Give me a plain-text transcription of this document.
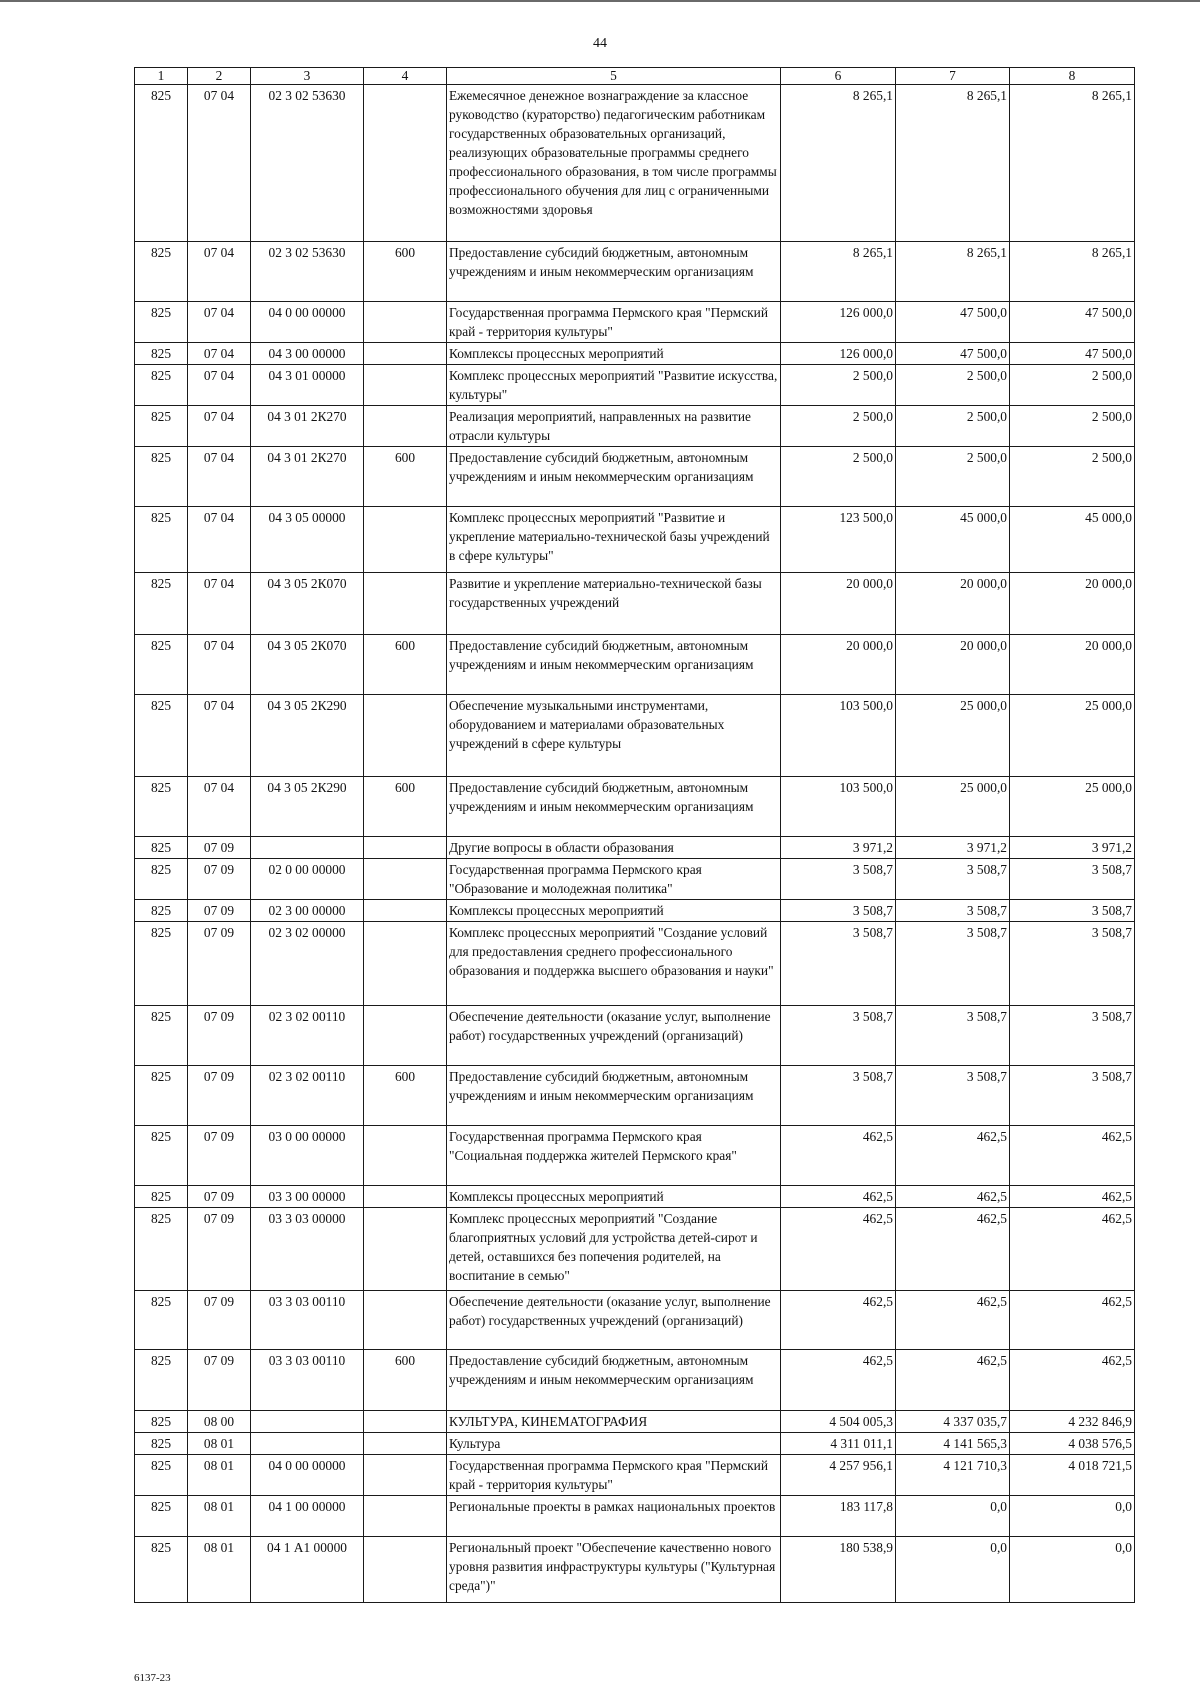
44
1	2	3	4	5	6	7	8
825	07 04	02 3 02 53630		Ежемесячное денежное вознаграждение за классное руководство (кураторство) педагогическим работникам государственных образовательных организаций, реализующих образовательные программы среднего профессионального образования, в том числе программы профессионального обучения для лиц с ограниченными возможностями здоровья	8 265,1	8 265,1	8 265,1
825	07 04	02 3 02 53630	600	Предоставление субсидий бюджетным, автономным учреждениям и иным некоммерческим организациям	8 265,1	8 265,1	8 265,1
825	07 04	04 0 00 00000		Государственная программа Пермского края "Пермский край - территория культуры"	126 000,0	47 500,0	47 500,0
825	07 04	04 3 00 00000		Комплексы процессных мероприятий	126 000,0	47 500,0	47 500,0
825	07 04	04 3 01 00000		Комплекс процессных мероприятий "Развитие искусства, культуры"	2 500,0	2 500,0	2 500,0
825	07 04	04 3 01 2К270		Реализация мероприятий, направленных на развитие отрасли культуры	2 500,0	2 500,0	2 500,0
825	07 04	04 3 01 2К270	600	Предоставление субсидий бюджетным, автономным учреждениям и иным некоммерческим организациям	2 500,0	2 500,0	2 500,0
825	07 04	04 3 05 00000		Комплекс процессных мероприятий "Развитие и укрепление материально-технической базы учреждений в сфере культуры"	123 500,0	45 000,0	45 000,0
825	07 04	04 3 05 2К070		Развитие и укрепление материально-технической базы государственных учреждений	20 000,0	20 000,0	20 000,0
825	07 04	04 3 05 2К070	600	Предоставление субсидий бюджетным, автономным учреждениям и иным некоммерческим организациям	20 000,0	20 000,0	20 000,0
825	07 04	04 3 05 2К290		Обеспечение музыкальными инструментами, оборудованием и материалами образовательных учреждений в сфере культуры	103 500,0	25 000,0	25 000,0
825	07 04	04 3 05 2К290	600	Предоставление субсидий бюджетным, автономным учреждениям и иным некоммерческим организациям	103 500,0	25 000,0	25 000,0
825	07 09			Другие вопросы в области образования	3 971,2	3 971,2	3 971,2
825	07 09	02 0 00 00000		Государственная программа Пермского края "Образование и молодежная политика"	3 508,7	3 508,7	3 508,7
825	07 09	02 3 00 00000		Комплексы процессных мероприятий	3 508,7	3 508,7	3 508,7
825	07 09	02 3 02 00000		Комплекс процессных мероприятий "Создание условий для предоставления среднего профессионального образования и поддержка высшего образования и науки"	3 508,7	3 508,7	3 508,7
825	07 09	02 3 02 00110		Обеспечение деятельности (оказание услуг, выполнение работ) государственных учреждений (организаций)	3 508,7	3 508,7	3 508,7
825	07 09	02 3 02 00110	600	Предоставление субсидий бюджетным, автономным учреждениям и иным некоммерческим организациям	3 508,7	3 508,7	3 508,7
825	07 09	03 0 00 00000		Государственная программа Пермского края "Социальная поддержка жителей Пермского края"	462,5	462,5	462,5
825	07 09	03 3 00 00000		Комплексы процессных мероприятий	462,5	462,5	462,5
825	07 09	03 3 03 00000		Комплекс процессных мероприятий "Создание благоприятных условий для устройства детей-сирот и детей, оставшихся без попечения родителей, на воспитание в семью"	462,5	462,5	462,5
825	07 09	03 3 03 00110		Обеспечение деятельности (оказание услуг, выполнение работ) государственных учреждений (организаций)	462,5	462,5	462,5
825	07 09	03 3 03 00110	600	Предоставление субсидий бюджетным, автономным учреждениям и иным некоммерческим организациям	462,5	462,5	462,5
825	08 00			КУЛЬТУРА, КИНЕМАТОГРАФИЯ	4 504 005,3	4 337 035,7	4 232 846,9
825	08 01			Культура	4 311 011,1	4 141 565,3	4 038 576,5
825	08 01	04 0 00 00000		Государственная программа Пермского края "Пермский край - территория культуры"	4 257 956,1	4 121 710,3	4 018 721,5
825	08 01	04 1 00 00000		Региональные проекты в рамках национальных проектов	183 117,8	0,0	0,0
825	08 01	04 1 А1 00000		Региональный проект "Обеспечение качественно нового уровня развития инфраструктуры культуры ("Культурная среда")"	180 538,9	0,0	0,0
6137-23
